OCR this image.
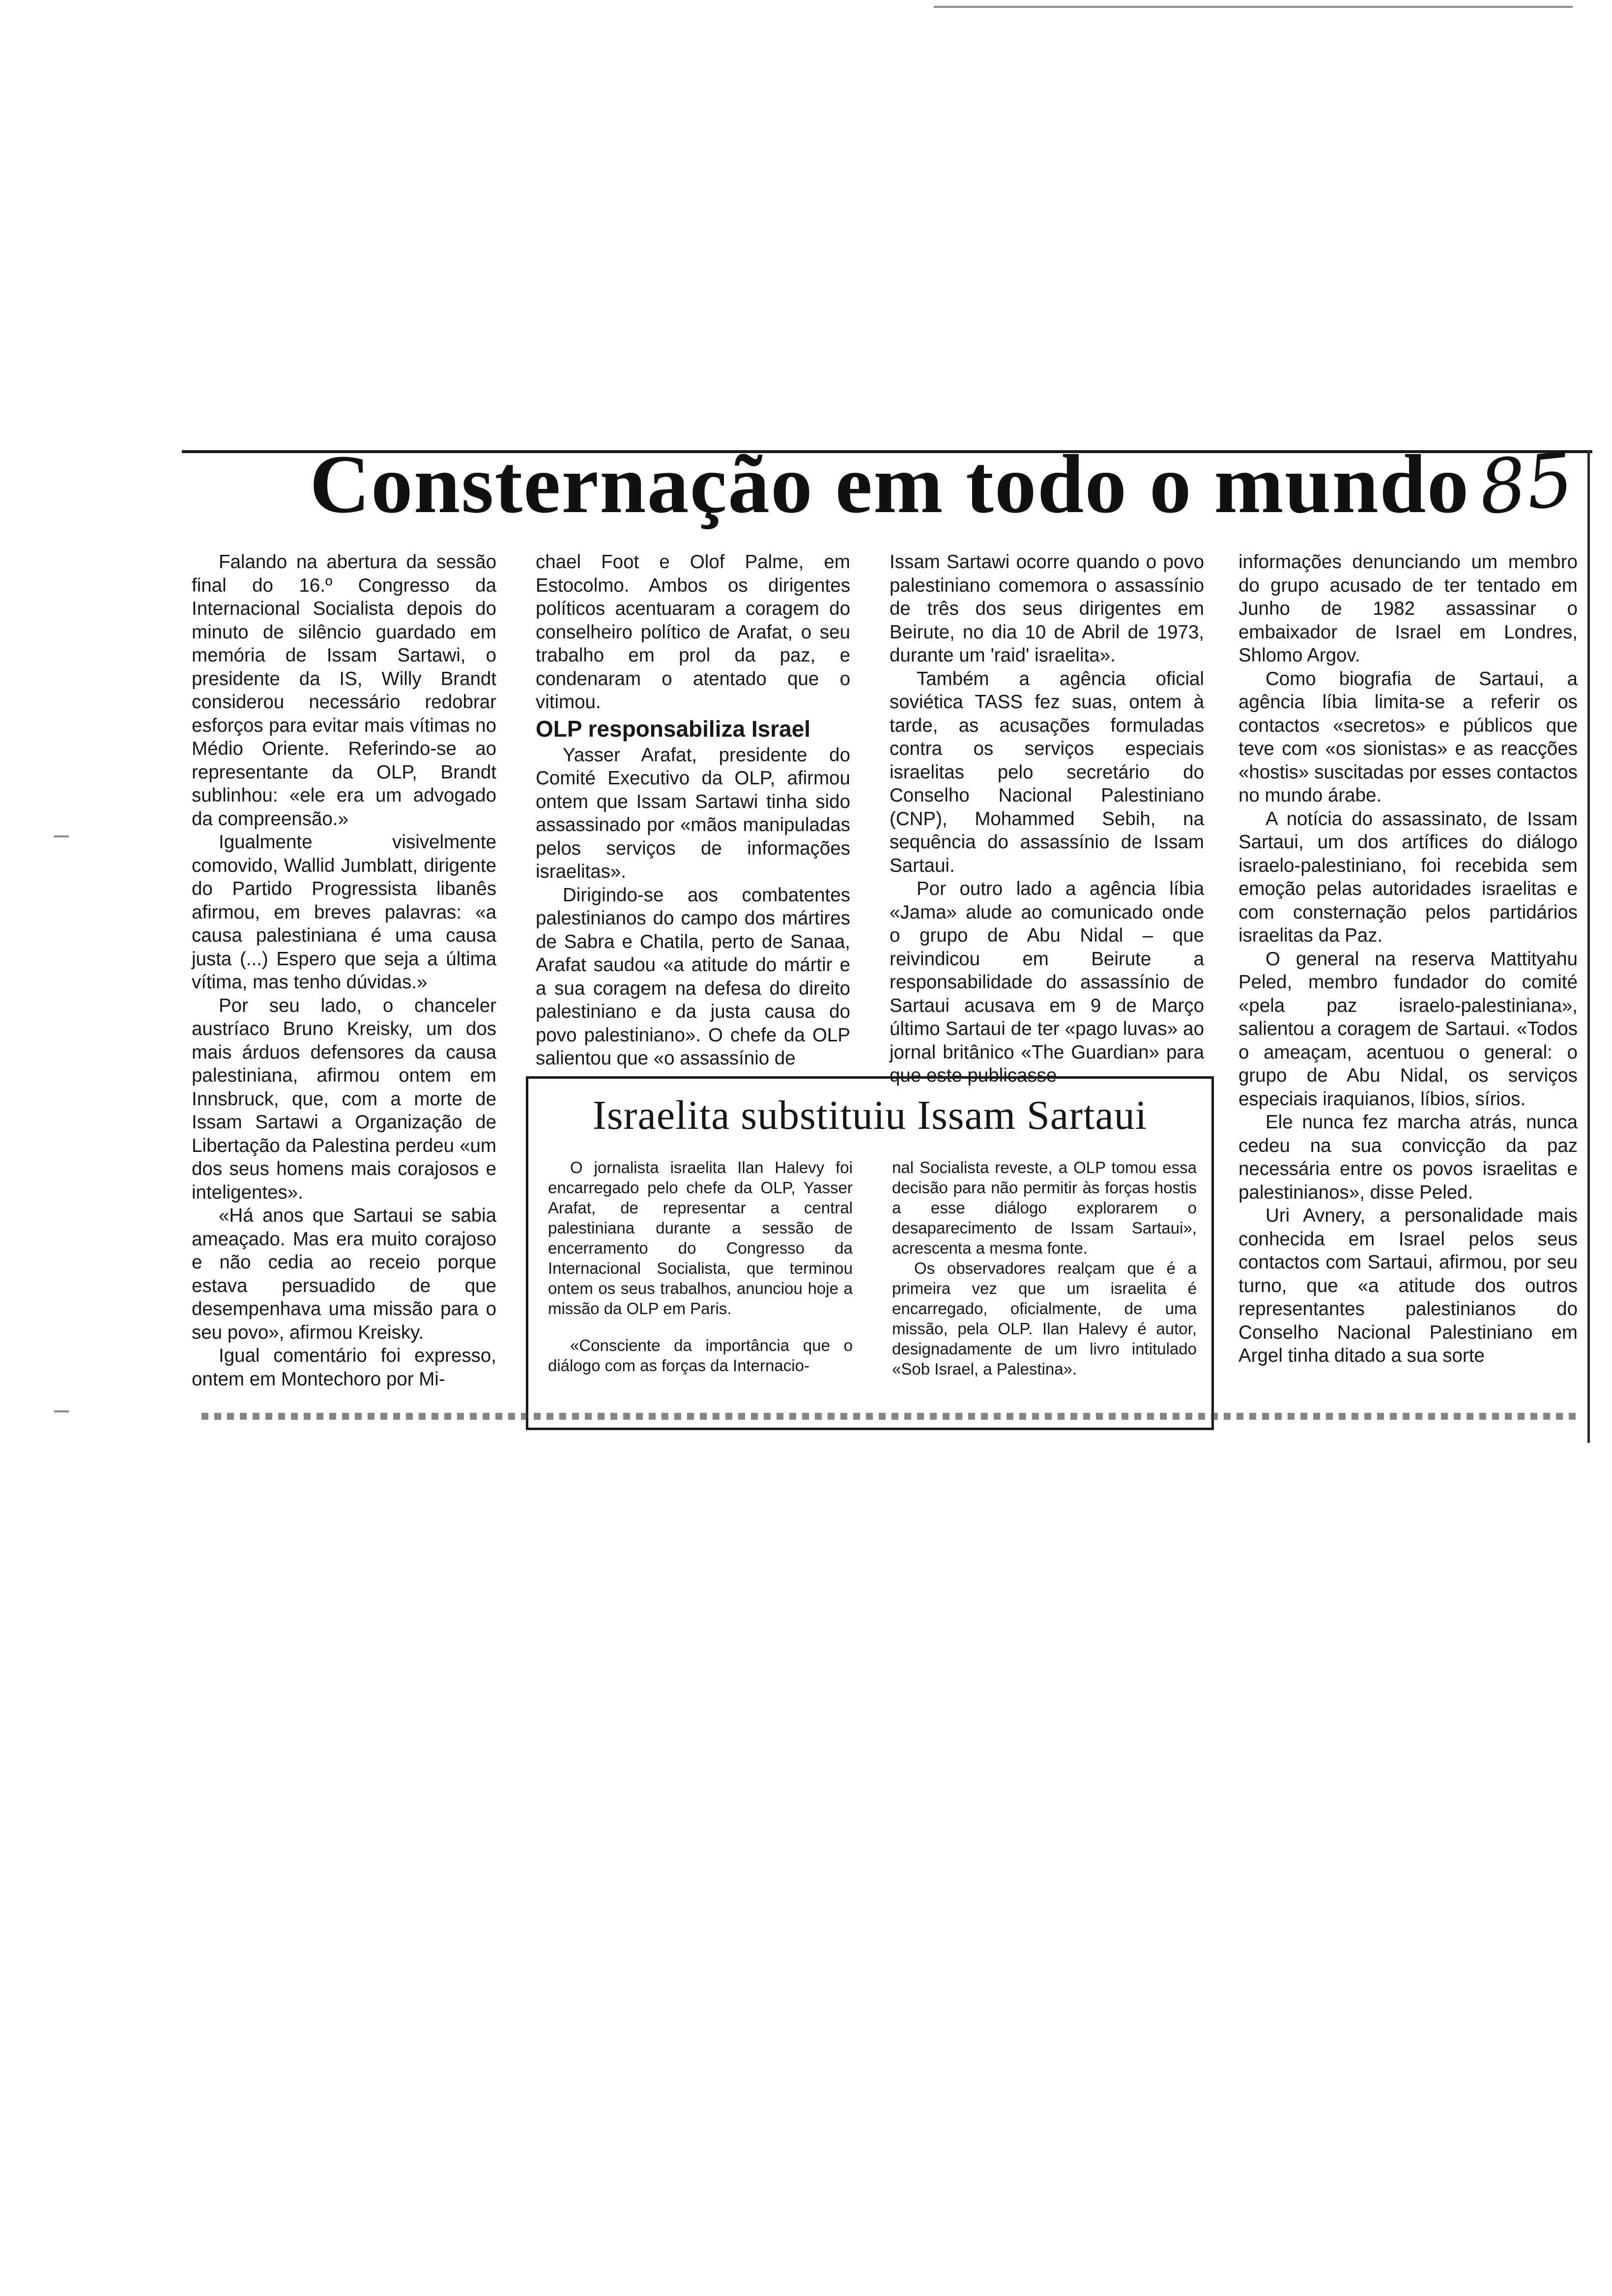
Consternação em todo o mundo 85

Falando na abertura da sessão final do 16.º Congresso da Internacional Socialista depois do minuto de silêncio guardado em memória de Issam Sartawi, o presidente da IS, Willy Brandt considerou necessário redobrar esforços para evitar mais vítimas no Médio Oriente. Referindo-se ao representante da OLP, Brandt sublinhou: «ele era um advogado da compreensão.»

Igualmente visivelmente comovido, Wallid Jumblatt, dirigente do Partido Progressista libanês afirmou, em breves palavras: «a causa palestiniana é uma causa justa (...) Espero que seja a última vítima, mas tenho dúvidas.»

Por seu lado, o chanceler austríaco Bruno Kreisky, um dos mais árduos defensores da causa palestiniana, afirmou ontem em Innsbruck, que, com a morte de Issam Sartawi a Organização de Libertação da Palestina perdeu «um dos seus homens mais corajosos e inteligentes».

«Há anos que Sartaui se sabia ameaçado. Mas era muito corajoso e não cedia ao receio porque estava persuadido de que desempenhava uma missão para o seu povo», afirmou Kreisky.

Igual comentário foi expresso, ontem em Montechoro por Mi-

chael Foot e Olof Palme, em Estocolmo. Ambos os dirigentes políticos acentuaram a coragem do conselheiro político de Arafat, o seu trabalho em prol da paz, e condenaram o atentado que o vitimou.

OLP responsabiliza Israel

Yasser Arafat, presidente do Comité Executivo da OLP, afirmou ontem que Issam Sartawi tinha sido assassinado por «mãos manipuladas pelos serviços de informações israelitas».

Dirigindo-se aos combatentes palestinianos do campo dos mártires de Sabra e Chatila, perto de Sanaa, Arafat saudou «a atitude do mártir e a sua coragem na defesa do direito palestiniano e da justa causa do povo palestiniano». O chefe da OLP salientou que «o assassínio de

Issam Sartawi ocorre quando o povo palestiniano comemora o assassínio de três dos seus dirigentes em Beirute, no dia 10 de Abril de 1973, durante um 'raid' israelita».

Também a agência oficial soviética TASS fez suas, ontem à tarde, as acusações formuladas contra os serviços especiais israelitas pelo secretário do Conselho Nacional Palestiniano (CNP), Mohammed Sebih, na sequência do assassínio de Issam Sartaui.

Por outro lado a agência líbia «Jama» alude ao comunicado onde o grupo de Abu Nidal – que reivindicou em Beirute a responsabilidade do assassínio de Sartaui acusava em 9 de Março último Sartaui de ter «pago luvas» ao jornal britânico «The Guardian» para que este publicasse

informações denunciando um membro do grupo acusado de ter tentado em Junho de 1982 assassinar o embaixador de Israel em Londres, Shlomo Argov.

Como biografia de Sartaui, a agência líbia limita-se a referir os contactos «secretos» e públicos que teve com «os sionistas» e as reacções «hostis» suscitadas por esses contactos no mundo árabe.

A notícia do assassinato, de Issam Sartaui, um dos artífices do diálogo israelo-palestiniano, foi recebida sem emoção pelas autoridades israelitas e com consternação pelos partidários israelitas da Paz.

O general na reserva Mattityahu Peled, membro fundador do comité «pela paz israelo-palestiniana», salientou a coragem de Sartaui. «Todos o ameaçam, acentuou o general: o grupo de Abu Nidal, os serviços especiais iraquianos, líbios, sírios.

Ele nunca fez marcha atrás, nunca cedeu na sua convicção da paz necessária entre os povos israelitas e palestinianos», disse Peled.

Uri Avnery, a personalidade mais conhecida em Israel pelos seus contactos com Sartaui, afirmou, por seu turno, que «a atitude dos outros representantes palestinianos do Conselho Nacional Palestiniano em Argel tinha ditado a sua sorte

Israelita substituiu Issam Sartaui

O jornalista israelita Ilan Halevy foi encarregado pelo chefe da OLP, Yasser Arafat, de representar a central palestiniana durante a sessão de encerramento do Congresso da Internacional Socialista, que terminou ontem os seus trabalhos, anunciou hoje a missão da OLP em Paris.

«Consciente da importância que o diálogo com as forças da Internacio-

nal Socialista reveste, a OLP tomou essa decisão para não permitir às forças hostis a esse diálogo explorarem o desaparecimento de Issam Sartaui», acrescenta a mesma fonte.

Os observadores realçam que é a primeira vez que um israelita é encarregado, oficialmente, de uma missão, pela OLP. Ilan Halevy é autor, designadamente de um livro intitulado «Sob Israel, a Palestina».
